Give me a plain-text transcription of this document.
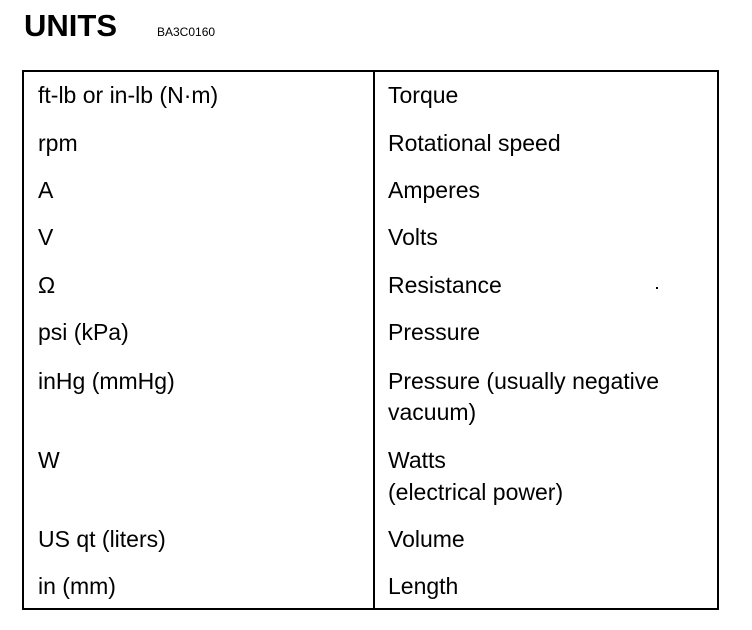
UNITS	BA3C0160
ft-lb or in-lb (N·m)	Torque
rpm	Rotational speed
A	Amperes
V	Volts
Ω	Resistance
psi (kPa)	Pressure
inHg (mmHg)	Pressure (usually negative
vacuum)
W	Watts
(electrical power)
US qt (liters)	Volume
in (mm)	Length
